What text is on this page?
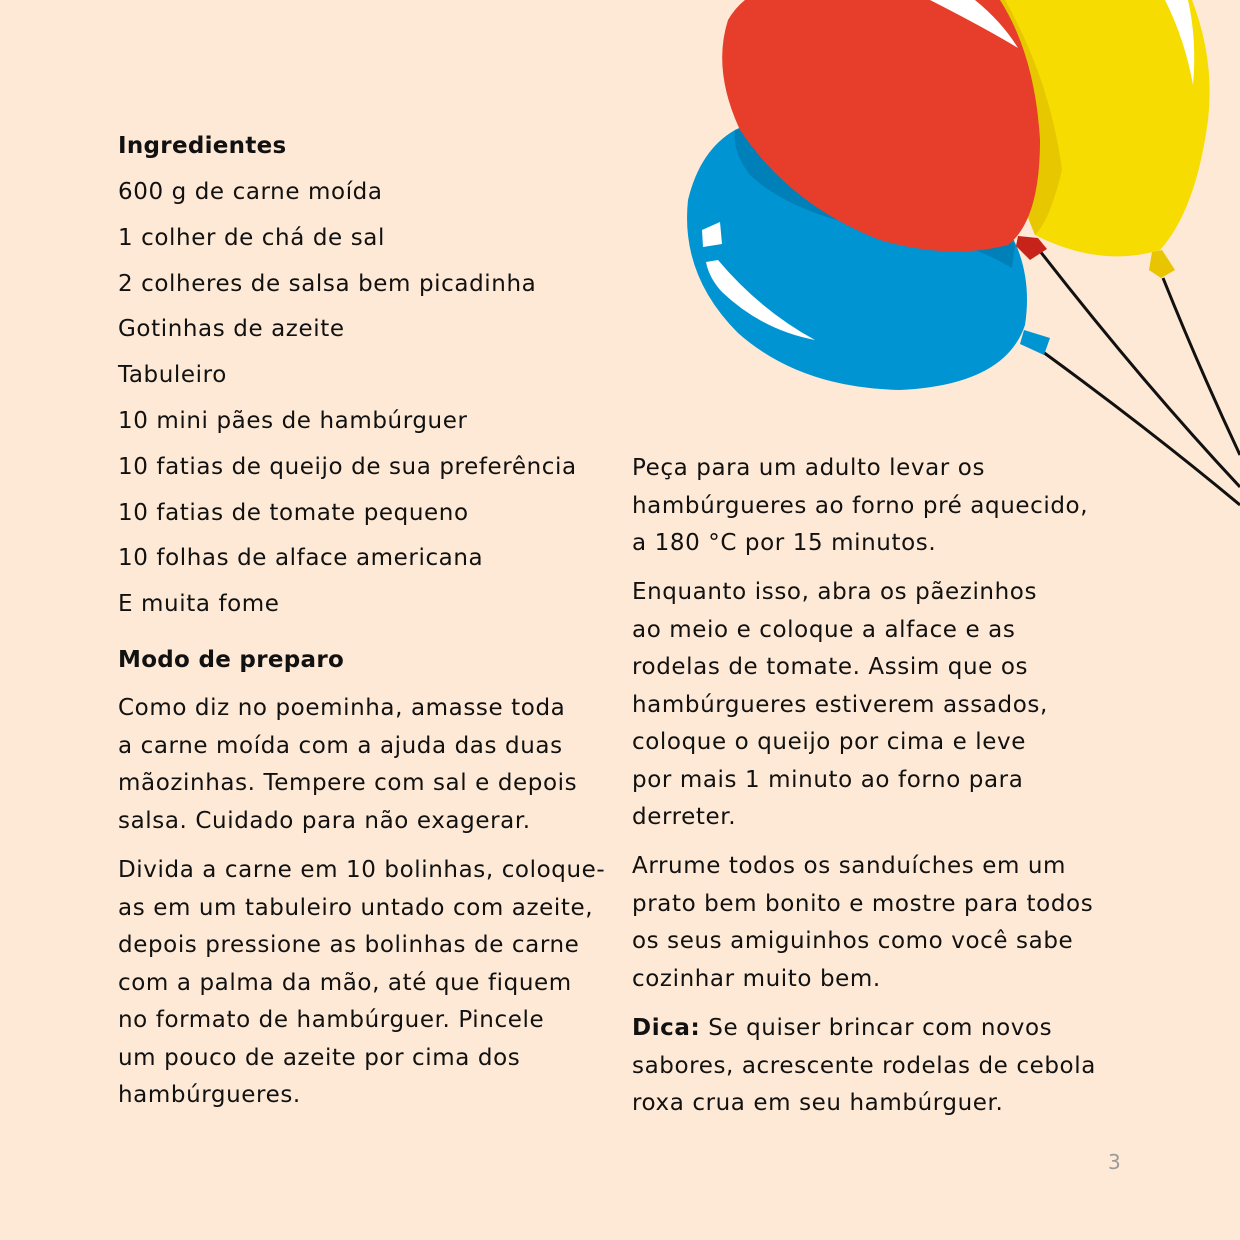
Ingredientes
600 g de carne moída
1 colher de chá de sal
2 colheres de salsa bem picadinha
Gotinhas de azeite
Tabuleiro
10 mini pães de hambúrguer
10 fatias de queijo de sua preferência
10 fatias de tomate pequeno
10 folhas de alface americana
E muita fome
Modo de preparo

Como diz no poeminha, amasse toda
a carne moída com a ajuda das duas
mãozinhas. Tempere com sal e depois
salsa. Cuidado para não exagerar.

Divida a carne em 10 bolinhas, coloque-
as em um tabuleiro untado com azeite,
depois pressione as bolinhas de carne
com a palma da mão, até que fiquem
no formato de hambúrguer. Pincele
um pouco de azeite por cima dos
hambúrgueres.

Peça para um adulto levar os
hambúrgueres ao forno pré aquecido,
a 180 °C por 15 minutos.

Enquanto isso, abra os pãezinhos
ao meio e coloque a alface e as
rodelas de tomate. Assim que os
hambúrgueres estiverem assados,
coloque o queijo por cima e leve
por mais 1 minuto ao forno para
derreter.

Arrume todos os sanduíches em um
prato bem bonito e mostre para todos
os seus amiguinhos como você sabe
cozinhar muito bem.

Dica: Se quiser brincar com novos
sabores, acrescente rodelas de cebola
roxa crua em seu hambúrguer.

3
